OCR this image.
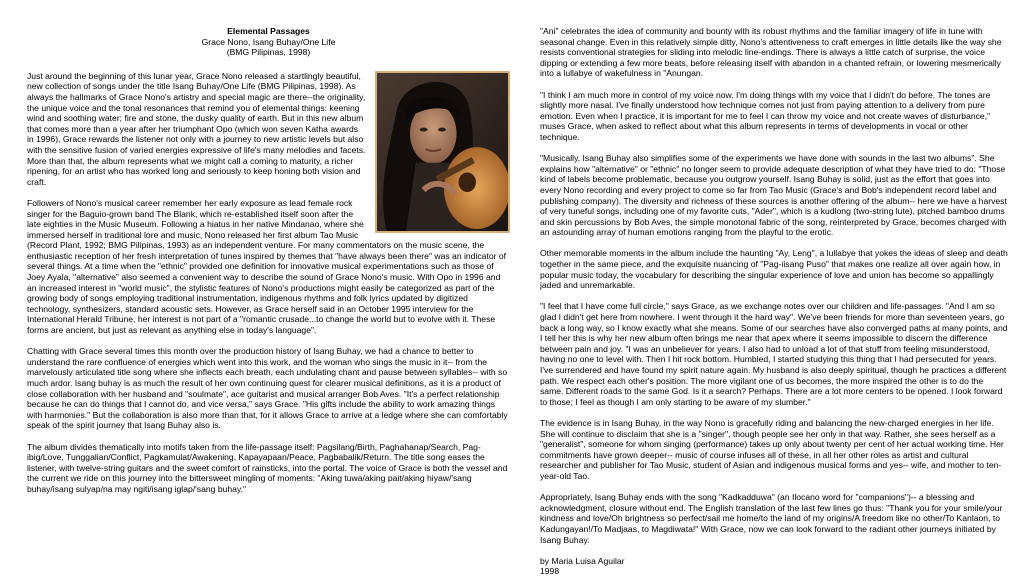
Elemental Passages
Grace Nono, Isang Buhay/One Life
(BMG Pilipinas, 1998)

Just around the beginning of this lunar year, Grace Nono released a startlingly beautiful, new collection of songs under the title Isang Buhay/One Life (BMG Pilipinas, 1998). As always the hallmarks of Grace Nono's artistry and special magic are there--the originality, the unique voice and the tonal resonances that remind you of elemental things: keening wind and soothing water; fire and stone, the dusky quality of earth. But in this new album that comes more than a year after her triumphant Opo (which won seven Katha awards in 1996), Grace rewards the listener not only with a journey to new artistic levels but also with the sensitive fusion of varied energies expressive of life's many melodies and facets. More than that, the album represents what we might call a coming to maturity, a richer ripening, for an artist who has worked long and seriously to keep honing both vision and craft.

Followers of Nono's musical career remember her early exposure as lead female rock singer for the Baguio-grown band The Blank, which re-established itself soon after the late eighties in the Music Museum. Following a hiatus in her native Mindanao, where she immersed herself in traditional lore and music, Nono released her first album Tao Music (Record Plant, 1992; BMG Pilipinas, 1993) as an independent venture. For many commentators on the music scene, the enthusiastic reception of her fresh interpretation of tunes inspired by themes that "have always been there" was an indicator of several things. At a time when the "ethnic" provided one definition for innovative musical experimentations such as those of Joey Ayala, "alternative" also seemed a convenient way to describe the sound of Grace Nono's music. With Opo in 1996 and an increased interest in "world music", the stylistic features of Nono's productions might easily be categorized as part of the growing body of songs employing traditional instrumentation, indigenous rhythms and folk lyrics updated by digitized technology, synthesizers, standard acoustic sets. However, as Grace herself said in an October 1995 interview for the International Herald Tribune, her interest is not part of a "romantic crusade...to change the world but to evolve with it. These forms are ancient, but just as relevant as anything else in today's language".

Chatting with Grace several times this month over the production history of Isang Buhay, we had a chance to better to understand the rare confluence of energies which went into this work, and the woman who sings the music in it-- from the marvelously articulated title song where she inflects each breath, each undulating chant and pause between syllables-- with so much ardor. Isang buhay is as much the result of her own continuing quest for clearer musical definitions, as it is a product of close collaboration with her husband and "soulmate", ace guitarist and musical arranger Bob Aves. "It's a perfect relationship because he can do things that I cannot do, and vice versa," says Grace. "His gifts include the ability to work amazing things with harmonies." But the collaboration is also more than that, for it allows Grace to arrive at a ledge where she can comfortably speak of the spirit journey that Isang Buhay also is.

The album divides thematically into motifs taken from the life-passage itself: Pagsilang/Birth, Paghahanap/Search, Pag-ibig/Love, Tunggalian/Conflict, Pagkamulat/Awakening, Kapayapaan/Peace, Pagbabalik/Return. The title song eases the listener, with twelve-string guitars and the sweet comfort of rainsticks, into the portal. The voice of Grace is both the vessel and the current we ride on this journey into the bittersweet mingling of moments: "Aking tuwa/aking pait/aking hiyaw/'sang buhay/isang sulyap/na may ngiti/isang iglap/'sang buhay."

"Ani" celebrates the idea of community and bounty with its robust rhythms and the familiar imagery of life in tune with seasonal change. Even in this relatively simple ditty, Nono's attentiveness to craft emerges in little details like the way she resists conventional strategies for sliding into melodic line-endings. There is always a little catch of surprise, the voice dipping or extending a few more beats, before releasing itself with abandon in a chanted refrain, or lowering mesmerically into a lullabye of wakefulness in "Anungan.

"I think I am much more in control of my voice now. I'm doing things with my voice that I didn't do before. The tones are slightly more nasal. I've finally understood how technique comes not just from paying attention to a delivery from pure emotion. Even when I practice, it is important for me to feel I can throw my voice and not create waves of disturbance," muses Grace, when asked to reflect about what this album represents in terms of developments in vocal or other technique.

"Musically, Isang Buhay also simplifies some of the experiments we have done with sounds in the last two albums". She explains how "alternative" or "ethnic" no longer seem to provide adequate description of what they have tried to do: "Those kind of labels become problematic, because you outgrow yourself. Isang Buhay is solid, just as the effort that goes into every Nono recording and every project to come so far from Tao Music (Grace's and Bob's independent record label and publishing company). The diversity and richness of these sources is another offering of the album-- here we have a harvest of very tuneful songs, including one of my favorite cuts, "Ader", which is a kudlong (two-string lute), pitched bamboo drums and skin percussions by Bob Aves, the simple monotonal fabric of the song, reinterpreted by Grace, becomes charged with an astounding array of human emotions ranging from the playful to the erotic.

Other memorable moments in the album include the haunting "Ay, Leng", a lullabye that yokes the ideas of sleep and death together in the same piece, and the exquisite nuancing of "Pag-iisang Puso" that makes one realize all over again how, in popular music today, the vocabulary for describing the singular experience of love and union has become so appallingly jaded and unremarkable.

"I feel that I have come full circle," says Grace, as we exchange notes over our children and life-passages. "And I am so glad I didn't get here from nowhere. I went through it the hard way". We've been friends for more than seventeen years, go back a long way, so I know exactly what she means. Some of our searches have also converged paths at many points, and I tell her this is why her new album often brings me near that apex where it seems impossible to discern the difference between pain and joy. "I was an unbeliever for years. I also had to unload a lot of that stuff from feeling misunderstood, having no one to level with. Then I hit rock bottom. Humbled, I started studying this thing that I had persecuted for years. I've surrendered and have found my spirit nature again. My husband is also deeply spiritual, though he practices a different path. We respect each other's position. The more vigilant one of us becomes, the more inspired the other is to do the same. Different roads to the same God. Is it a search? Perhaps. There are a lot more centers to be opened. I look forward to those; I feel as though I am only starting to be aware of my slumber."

The evidence is in Isang Buhay, in the way Nono is gracefully riding and balancing the new-charged energies in her life. She will continue to disclaim that she is a "singer", though people see her only in that way. Rather, she sees herself as a "generalist", someone for whom singing (performance) takes up only about twenty per cent of her actual working time. Her commitments have grown deeper-- music of course infuses all of these, in all her other roles as artist and cultural researcher and publisher for Tao Music, student of Asian and indigenous musical forms and yes-- wife, and mother to ten-year-old Tao.

Appropriately, Isang Buhay ends with the song "Kadkadduwa" (an Ilocano word for "companions")-- a blessing and acknowledgment, closure without end. The English translation of the last few lines go thus: "Thank you for your smile/your kindness and love/Oh brightness so perfect/sail me home/to the land of my origins/A freedom like no other/To Kanlaon, to Kadungayan!/To Madjaas, to Magdiwata!" With Grace, now we can look forward to the radiant other journeys initiated by Isang Buhay.

by Maria Luisa Aguilar
1998
